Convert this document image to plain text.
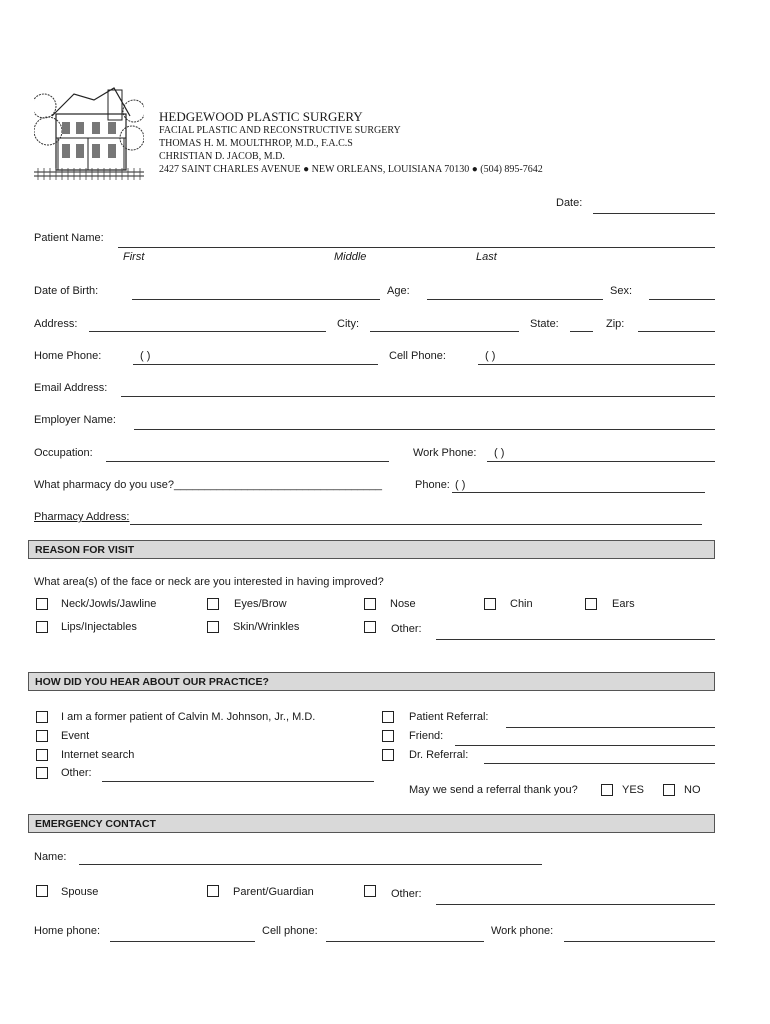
HEDGEWOOD PLASTIC SURGERY
FACIAL PLASTIC AND RECONSTRUCTIVE SURGERY
THOMAS H. M. MOULTHROP, M.D., F.A.C.S
CHRISTIAN D. JACOB, M.D.
2427 SAINT CHARLES AVENUE ● NEW ORLEANS, LOUISIANA 70130 ● (504) 895-7642
Date:
Patient Name:
First	Middle	Last
Date of Birth:	Age:	Sex:
Address:	City:	State:	Zip:
Home Phone:	( )	Cell Phone:	( )
Email Address:
Employer Name:
Occupation:	Work Phone: ( )
What pharmacy do you use?__________________________________	Phone: ( )
Pharmacy Address:
REASON FOR VISIT
What area(s) of the face or neck are you interested in having improved?
Neck/Jowls/Jawline	Eyes/Brow	Nose	Chin	Ears
Lips/Injectables	Skin/Wrinkles	Other:
HOW DID YOU HEAR ABOUT OUR PRACTICE?
I am a former patient of Calvin M. Johnson, Jr., M.D.
Event
Internet search
Other:
Patient Referral:
Friend:
Dr. Referral:
May we send a referral thank you?	YES	NO
EMERGENCY CONTACT
Name:
Spouse	Parent/Guardian	Other:
Home phone:	Cell phone:	Work phone:
